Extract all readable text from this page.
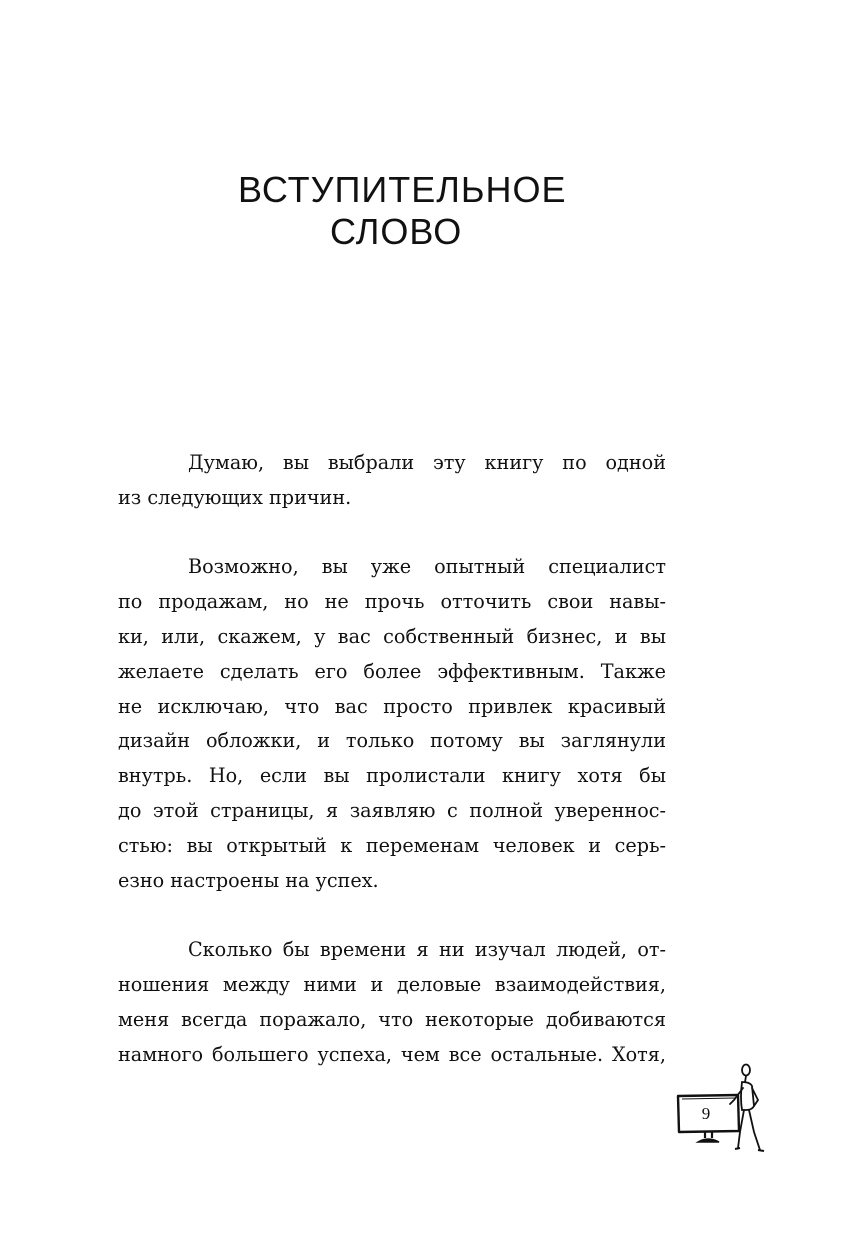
ВСТУПИТЕЛЬНОЕ
СЛОВО

Думаю, вы выбрали эту книгу по одной
из следующих причин.

Возможно, вы уже опытный специалист
по продажам, но не прочь отточить свои навы-
ки, или, скажем, у вас собственный бизнес, и вы
желаете сделать его более эффективным. Также
не исключаю, что вас просто привлек красивый
дизайн обложки, и только потому вы заглянули
внутрь. Но, если вы пролистали книгу хотя бы
до этой страницы, я заявляю с полной увереннос-
стью: вы открытый к переменам человек и серь-
езно настроены на успех.

Сколько бы времени я ни изучал людей, от-
ношения между ними и деловые взаимодействия,
меня всегда поражало, что некоторые добиваются
намного большего успеха, чем все остальные. Хотя,

9
